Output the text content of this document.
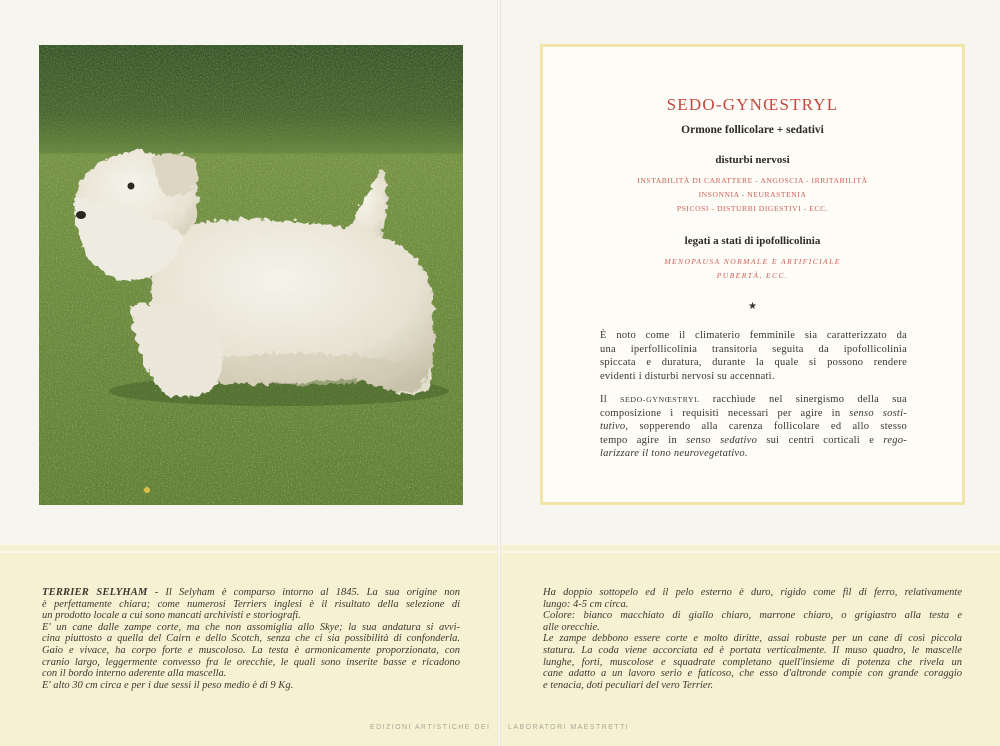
SEDO-GYNŒSTRYL
Ormone follicolare + sedativi
disturbi nervosi
INSTABILITÀ DI CARATTERE - ANGOSCIA - IRRITABILITÀ
INSONNIA - NEURASTENIA
PSICOSI - DISTURBI DIGESTIVI - ECC.
legati a stati di ipofollicolinia
MENOPAUSA NORMALE E ARTIFICIALE
PUBERTÀ, ECC.
★
È noto come il climaterio femminile sia caratterizzato da
una iperfollicolinia transitoria seguita da ipofollicolinia
spiccata e duratura, durante la quale si possono rendere
evidenti i disturbi nervosi su accennati.
Il SEDO-GYNŒSTRYL racchiude nel sinergismo della sua
composizione i requisiti necessari per agire in senso sosti-
tutivo, sopperendo alla carenza follicolare ed allo stesso
tempo agire in senso sedativo sui centri corticali e rego-
larizzare il tono neurovegetativo.
TERRIER SELYHAM - Il Selyham è comparso intorno al 1845. La sua origine non
è perfettamente chiara; come numerosi Terriers inglesi è il risultato della selezione di
un prodotto locale a cui sono mancati archivisti e storiografi.
E' un cane dalle zampe corte, ma che non assomiglia allo Skye; la sua andatura si avvi-
cina piuttosto a quella del Cairn e dello Scotch, senza che ci sia possibilità di confonderla.
Gaio e vivace, ha corpo forte e muscoloso. La testa è armonicamente proporzionata, con
cranio largo, leggermente convesso fra le orecchie, le quali sono inserite basse e ricadono
con il bordo interno aderente alla mascella.
E' alto 30 cm circa e per i due sessi il peso medio è di 9 Kg.
Ha doppio sottopelo ed il pelo esterno è duro, rigido come fil di ferro, relativamente
lungo: 4-5 cm circa.
Colore: bianco macchiato di giallo chiaro, marrone chiaro, o grigiastro alla testa e
alle orecchie.
Le zampe debbono essere corte e molto diritte, assai robuste per un cane di così piccola
statura. La coda viene accorciata ed è portata verticalmente. Il muso quadro, le mascelle
lunghe, forti, muscolose e squadrate completano quell'insieme di potenza che rivela un
cane adatto a un lavoro serio e faticoso, che esso d'altronde compie con grande coraggio
e tenacia, doti peculiari del vero Terrier.
EDIZIONI ARTISTICHE DEI	LABORATORI MAESTRETTI
